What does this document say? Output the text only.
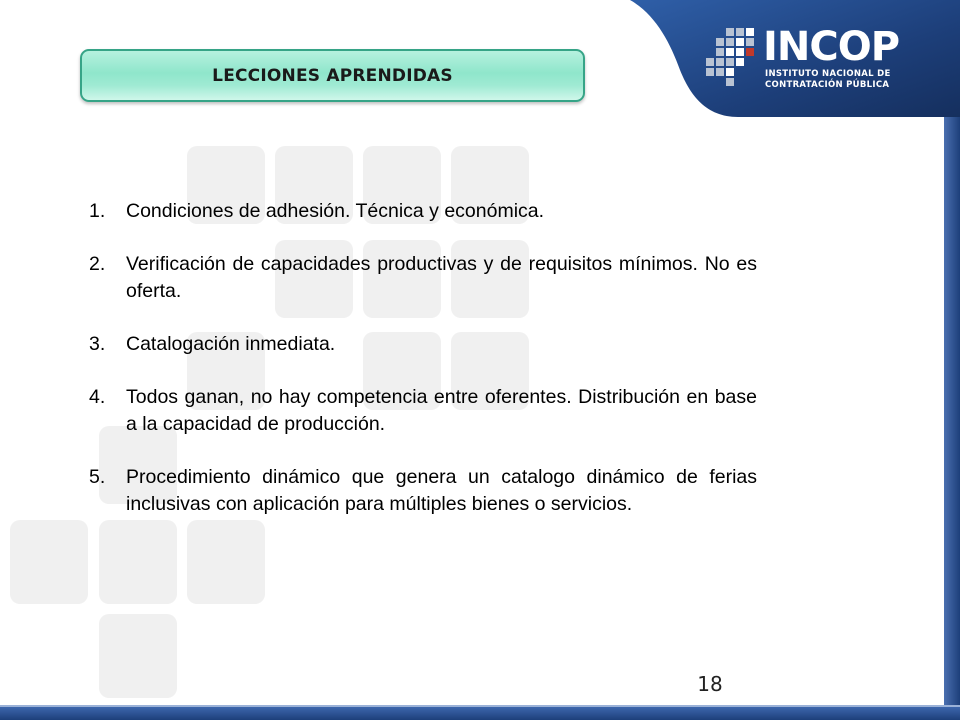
INCOP
INSTITUTO NACIONAL DE
CONTRATACIÓN PÚBLICA
LECCIONES APRENDIDAS
1.	Condiciones de adhesión. Técnica y económica.
2.	Verificación de capacidades productivas y de requisitos mínimos. No es oferta.
3.	Catalogación inmediata.
4.	Todos ganan, no hay competencia entre oferentes. Distribución en base a la capacidad de producción.
5.	Procedimiento dinámico que genera un catalogo dinámico de ferias inclusivas con aplicación para múltiples bienes o servicios.
18
